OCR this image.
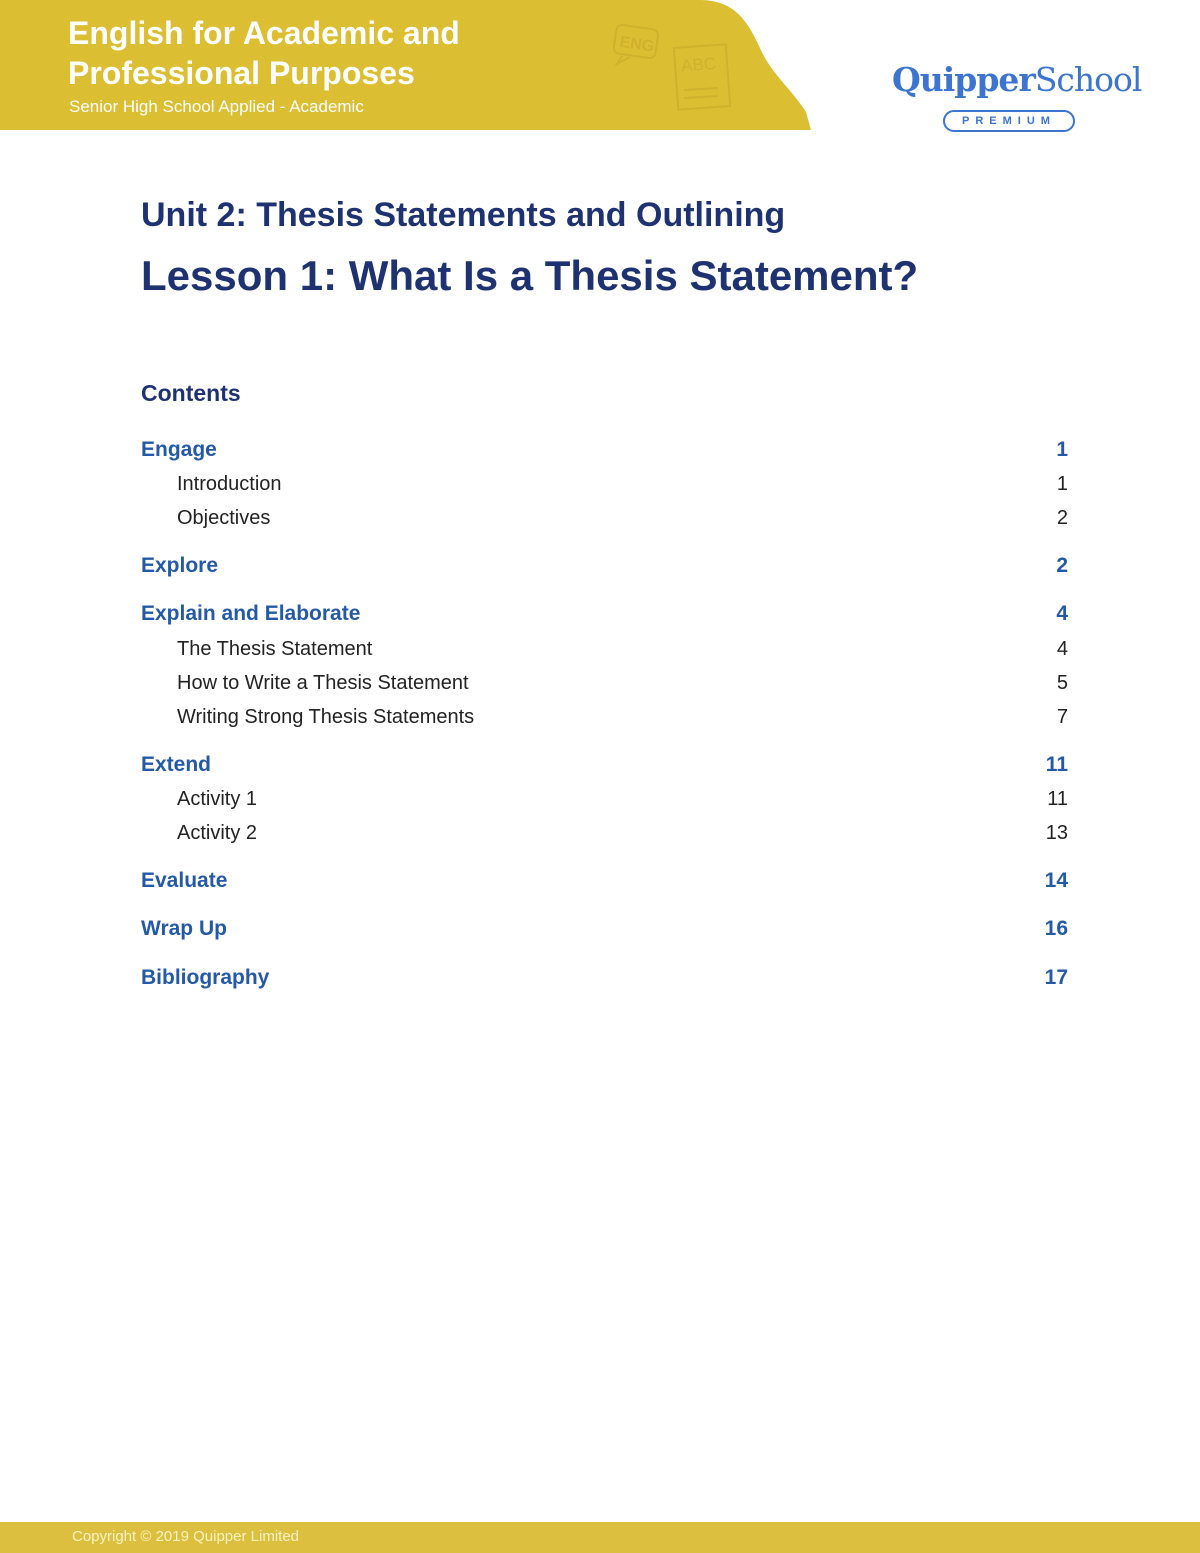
ENG
ABC
English for Academic and Professional Purposes
Senior High School Applied - Academic
QuipperSchool
PREMIUM
Unit 2: Thesis Statements and Outlining
Lesson 1: What Is a Thesis Statement?
Contents
Engage	1
Introduction	1
Objectives	2
Explore	2
Explain and Elaborate	4
The Thesis Statement	4
How to Write a Thesis Statement	5
Writing Strong Thesis Statements	7
Extend	11
Activity 1	11
Activity 2	13
Evaluate	14
Wrap Up	16
Bibliography	17
Copyright © 2019 Quipper Limited
